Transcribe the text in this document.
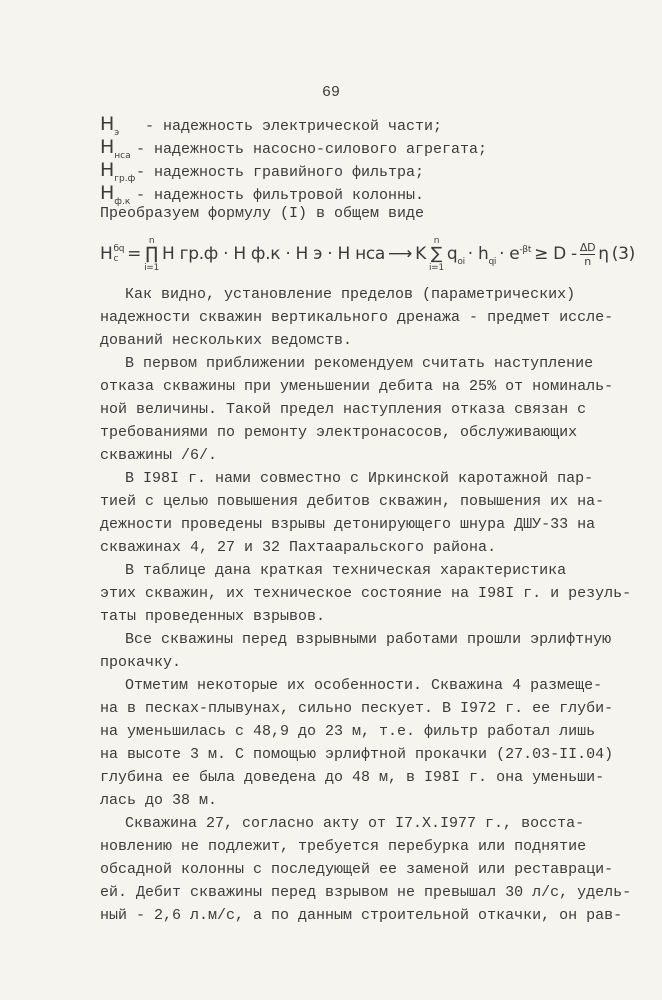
69
$H_э$ - надежность электрической части;
$H_{нса}$ - надежность насосно-силового агрегата;
$H_{гр.ф}-$ надежность гравийного фильтра;
$H_{ф.к}$ - надежность фильтровой колонны.
Преобразуем формулу (I) в общем виде
H бq
c =
n
∏
i=1
H гр.ф · H ф.к · H э · H нса ⟶ K
n
∑
i=1
$q_{oi} \cdot h_{qi} \cdot e^{-\beta t} \ge D - \frac{\Delta D}{n}$ η (3)
Как видно, установление пределов (параметрических)
надежности скважин вертикального дренажа - предмет иссле-
дований нескольких ведомств.
В первом приближении рекомендуем считать наступление
отказа скважины при уменьшении дебита на 25% от номиналь-
ной величины. Такой предел наступления отказа связан с
требованиями по ремонту электронасосов, обслуживающих
скважины /6/.
В I98I г. нами совместно с Иркинской каротажной пар-
тией с целью повышения дебитов скважин, повышения их на-
дежности проведены взрывы детонирующего шнура ДШУ-33 на
скважинах 4, 27 и 32 Пахтааральского района.
В таблице дана краткая техническая характеристика
этих скважин, их техническое состояние на I98I г. и резуль-
таты проведенных взрывов.
Все скважины перед взрывными работами прошли эрлифтную
прокачку.
Отметим некоторые их особенности. Скважина 4 размеще-
на в песках-плывунах, сильно пескует. В I972 г. ее глуби-
на уменьшилась с 48,9 до 23 м, т.е. фильтр работал лишь
на высоте 3 м. С помощью эрлифтной прокачки (27.03-II.04)
глубина ее была доведена до 48 м, в I98I г. она уменьши-
лась до 38 м.
Скважина 27, согласно акту от I7.X.I977 г., восста-
новлению не подлежит, требуется перебурка или поднятие
обсадной колонны с последующей ее заменой или реставраци-
ей. Дебит скважины перед взрывом не превышал 30 л/с, удель-
ный - 2,6 л.м/с, а по данным строительной откачки, он рав-
